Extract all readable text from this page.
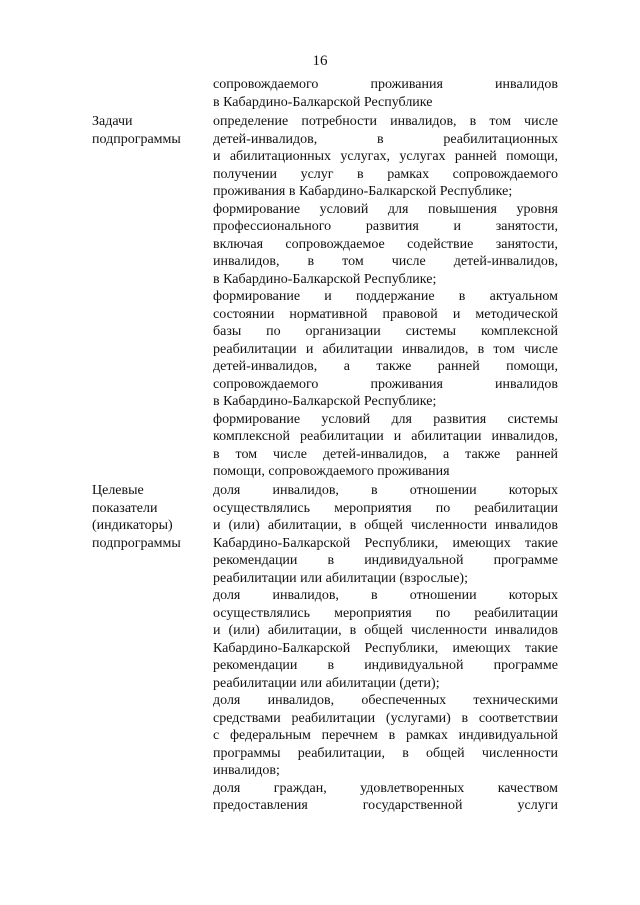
16
сопровождаемого проживания инвалидов
в Кабардино-Балкарской Республике
Задачи
подпрограммы
определение потребности инвалидов, в том числе
детей-инвалидов, в реабилитационных
и абилитационных услугах, услугах ранней помощи,
получении услуг в рамках сопровождаемого
проживания в Кабардино-Балкарской Республике;
формирование условий для повышения уровня
профессионального развития и занятости,
включая сопровождаемое содействие занятости,
инвалидов, в том числе детей-инвалидов,
в Кабардино-Балкарской Республике;
формирование и поддержание в актуальном
состоянии нормативной правовой и методической
базы по организации системы комплексной
реабилитации и абилитации инвалидов, в том числе
детей-инвалидов, а также ранней помощи,
сопровождаемого проживания инвалидов
в Кабардино-Балкарской Республике;
формирование условий для развития системы
комплексной реабилитации и абилитации инвалидов,
в том числе детей-инвалидов, а также ранней
помощи, сопровождаемого проживания
Целевые
показатели
(индикаторы)
подпрограммы
доля инвалидов, в отношении которых
осуществлялись мероприятия по реабилитации
и (или) абилитации, в общей численности инвалидов
Кабардино-Балкарской Республики, имеющих такие
рекомендации в индивидуальной программе
реабилитации или абилитации (взрослые);
доля инвалидов, в отношении которых
осуществлялись мероприятия по реабилитации
и (или) абилитации, в общей численности инвалидов
Кабардино-Балкарской Республики, имеющих такие
рекомендации в индивидуальной программе
реабилитации или абилитации (дети);
доля инвалидов, обеспеченных техническими
средствами реабилитации (услугами) в соответствии
с федеральным перечнем в рамках индивидуальной
программы реабилитации, в общей численности
инвалидов;
доля граждан, удовлетворенных качеством
предоставления государственной услуги
